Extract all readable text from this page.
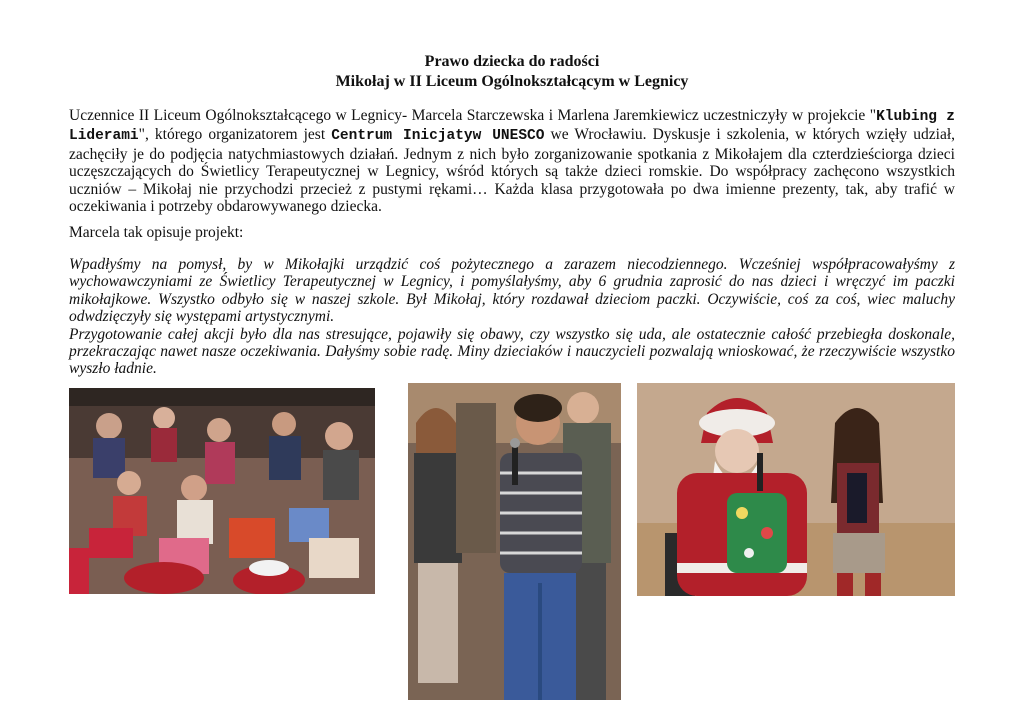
Prawo dziecka do radości
Mikołaj w II Liceum Ogólnokształcącym w Legnicy

Uczennice II Liceum Ogólnokształcącego w Legnicy- Marcela Starczewska i Marlena Jaremkiewicz uczestniczyły w projekcie "Klubing z Liderami", którego organizatorem jest Centrum Inicjatyw UNESCO we Wrocławiu. Dyskusje i szkolenia, w których wzięły udział, zachęciły je do podjęcia natychmiastowych działań. Jednym z nich było zorganizowanie spotkania z Mikołajem dla czterdzieściorga dzieci uczęszczających do Świetlicy Terapeutycznej w Legnicy, wśród których są także dzieci romskie. Do współpracy zachęcono wszystkich uczniów – Mikołaj nie przychodzi przecież z pustymi rękami… Każda klasa przygotowała po dwa imienne prezenty, tak, aby trafić w oczekiwania i potrzeby obdarowywanego dziecka.

Marcela tak opisuje projekt:

Wpadłyśmy na pomysł, by w Mikołajki urządzić coś pożytecznego a zarazem niecodziennego. Wcześniej współpracowałyśmy z wychowawczyniami ze Świetlicy Terapeutycznej w Legnicy, i pomyślałyśmy, aby 6 grudnia zaprosić do nas dzieci i wręczyć im paczki mikołajkowe. Wszystko odbyło się w naszej szkole. Był Mikołaj, który rozdawał dzieciom paczki. Oczywiście, coś za coś, wiec maluchy odwdzięczyły się występami artystycznymi.
Przygotowanie całej akcji było dla nas stresujące, pojawiły się obawy, czy wszystko się uda, ale ostatecznie całość przebiegła doskonale, przekraczając nawet nasze oczekiwania. Dałyśmy sobie radę. Miny dzieciaków i nauczycieli pozwalają wnioskować, że rzeczywiście wszystko wyszło ładnie.
